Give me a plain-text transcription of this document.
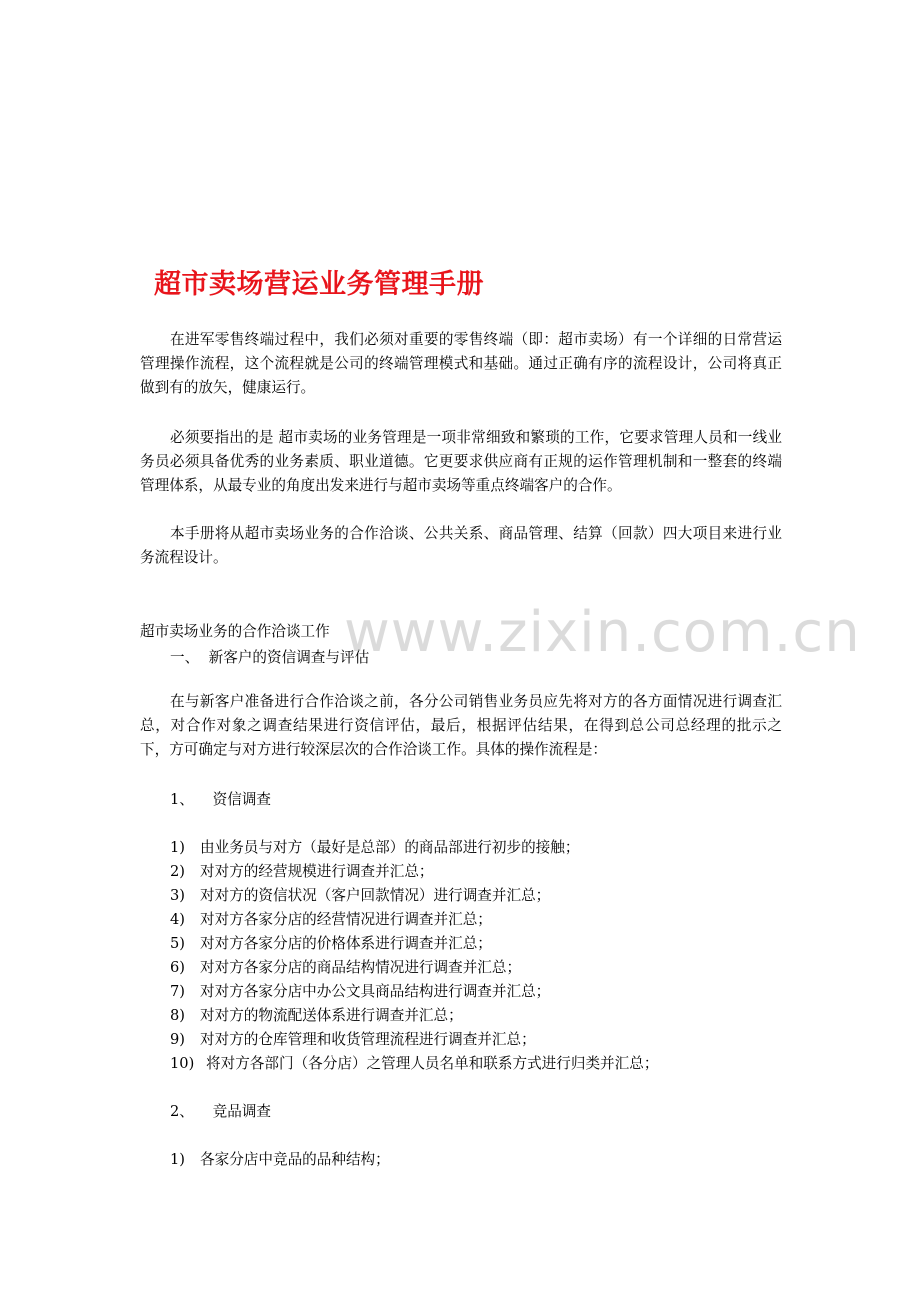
超市卖场营运业务管理手册

在进军零售终端过程中，我们必须对重要的零售终端（即：超市卖场）有一个详细的日常营运管理操作流程，这个流程就是公司的终端管理模式和基础。通过正确有序的流程设计，公司将真正做到有的放矢，健康运行。

必须要指出的是 超市卖场的业务管理是一项非常细致和繁琐的工作，它要求管理人员和一线业务员必须具备优秀的业务素质、职业道德。它更要求供应商有正规的运作管理机制和一整套的终端管理体系，从最专业的角度出发来进行与超市卖场等重点终端客户的合作。

本手册将从超市卖场业务的合作洽谈、公共关系、商品管理、结算（回款）四大项目来进行业务流程设计。

超市卖场业务的合作洽谈工作
一、 新客户的资信调查与评估

在与新客户准备进行合作洽谈之前，各分公司销售业务员应先将对方的各方面情况进行调查汇总，对合作对象之调查结果进行资信评估，最后，根据评估结果，在得到总公司总经理的批示之下，方可确定与对方进行较深层次的合作洽谈工作。具体的操作流程是：

1、 资信调查
1) 由业务员与对方（最好是总部）的商品部进行初步的接触；
2) 对对方的经营规模进行调查并汇总；
3) 对对方的资信状况（客户回款情况）进行调查并汇总；
4) 对对方各家分店的经营情况进行调查并汇总；
5) 对对方各家分店的价格体系进行调查并汇总；
6) 对对方各家分店的商品结构情况进行调查并汇总；
7) 对对方各家分店中办公文具商品结构进行调查并汇总；
8) 对对方的物流配送体系进行调查并汇总；
9) 对对方的仓库管理和收货管理流程进行调查并汇总；
10) 将对方各部门（各分店）之管理人员名单和联系方式进行归类并汇总；
2、 竞品调查
1) 各家分店中竞品的品种结构；
www.zixin.com.cn
